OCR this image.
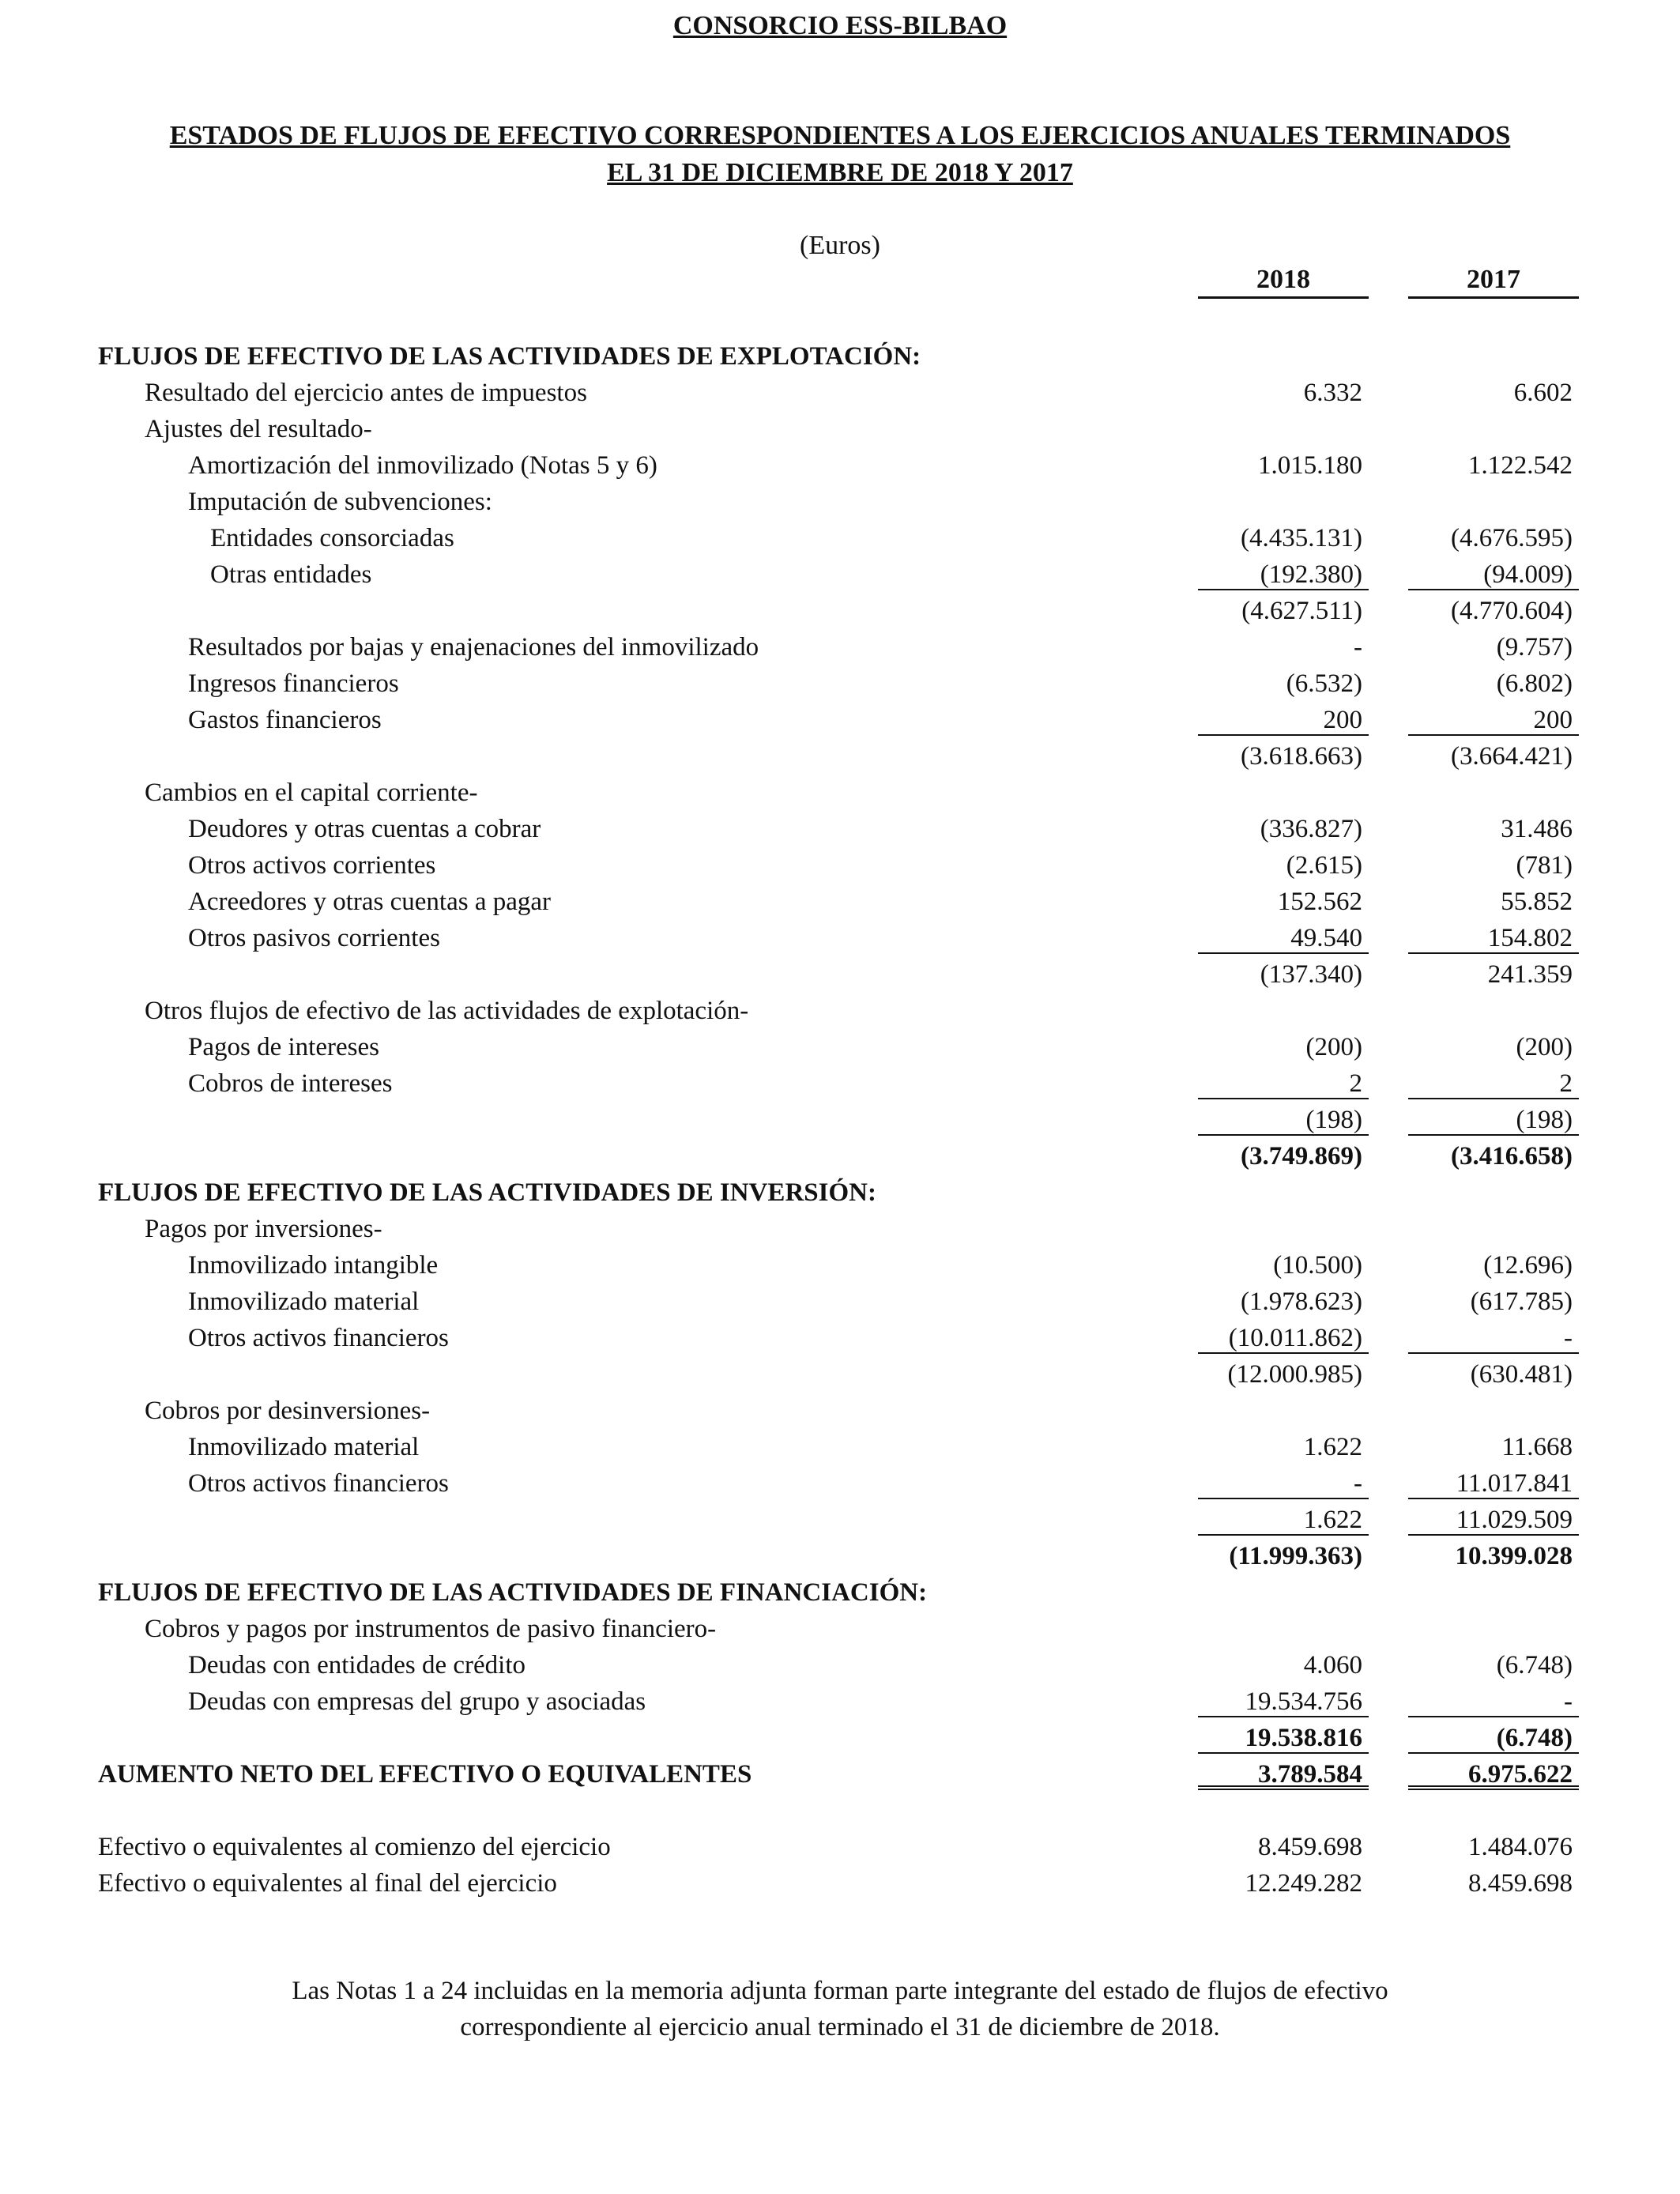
CONSORCIO ESS-BILBAO
ESTADOS DE FLUJOS DE EFECTIVO CORRESPONDIENTES A LOS EJERCICIOS ANUALES TERMINADOS
EL 31 DE DICIEMBRE DE 2018 Y 2017
(Euros)
2018	2017
FLUJOS DE EFECTIVO DE LAS ACTIVIDADES DE EXPLOTACIÓN:
Resultado del ejercicio antes de impuestos	6.332	6.602
Ajustes del resultado-
Amortización del inmovilizado (Notas 5 y 6)	1.015.180	1.122.542
Imputación de subvenciones:
Entidades consorciadas	(4.435.131)	(4.676.595)
Otras entidades	(192.380)	(94.009)
(4.627.511)	(4.770.604)
Resultados por bajas y enajenaciones del inmovilizado	-	(9.757)
Ingresos financieros	(6.532)	(6.802)
Gastos financieros	200	200
(3.618.663)	(3.664.421)
Cambios en el capital corriente-
Deudores y otras cuentas a cobrar	(336.827)	31.486
Otros activos corrientes	(2.615)	(781)
Acreedores y otras cuentas a pagar	152.562	55.852
Otros pasivos corrientes	49.540	154.802
(137.340)	241.359
Otros flujos de efectivo de las actividades de explotación-
Pagos de intereses	(200)	(200)
Cobros de intereses	2	2
(198)	(198)
(3.749.869)	(3.416.658)
FLUJOS DE EFECTIVO DE LAS ACTIVIDADES DE INVERSIÓN:
Pagos por inversiones-
Inmovilizado intangible	(10.500)	(12.696)
Inmovilizado material	(1.978.623)	(617.785)
Otros activos financieros	(10.011.862)	-
(12.000.985)	(630.481)
Cobros por desinversiones-
Inmovilizado material	1.622	11.668
Otros activos financieros	-	11.017.841
1.622	11.029.509
(11.999.363)	10.399.028
FLUJOS DE EFECTIVO DE LAS ACTIVIDADES DE FINANCIACIÓN:
Cobros y pagos por instrumentos de pasivo financiero-
Deudas con entidades de crédito	4.060	(6.748)
Deudas con empresas del grupo y asociadas	19.534.756	-
19.538.816	(6.748)
AUMENTO NETO DEL EFECTIVO O EQUIVALENTES	3.789.584	6.975.622
Efectivo o equivalentes al comienzo del ejercicio	8.459.698	1.484.076
Efectivo o equivalentes al final del ejercicio	12.249.282	8.459.698
Las Notas 1 a 24 incluidas en la memoria adjunta forman parte integrante del estado de flujos de efectivo
correspondiente al ejercicio anual terminado el 31 de diciembre de 2018.
